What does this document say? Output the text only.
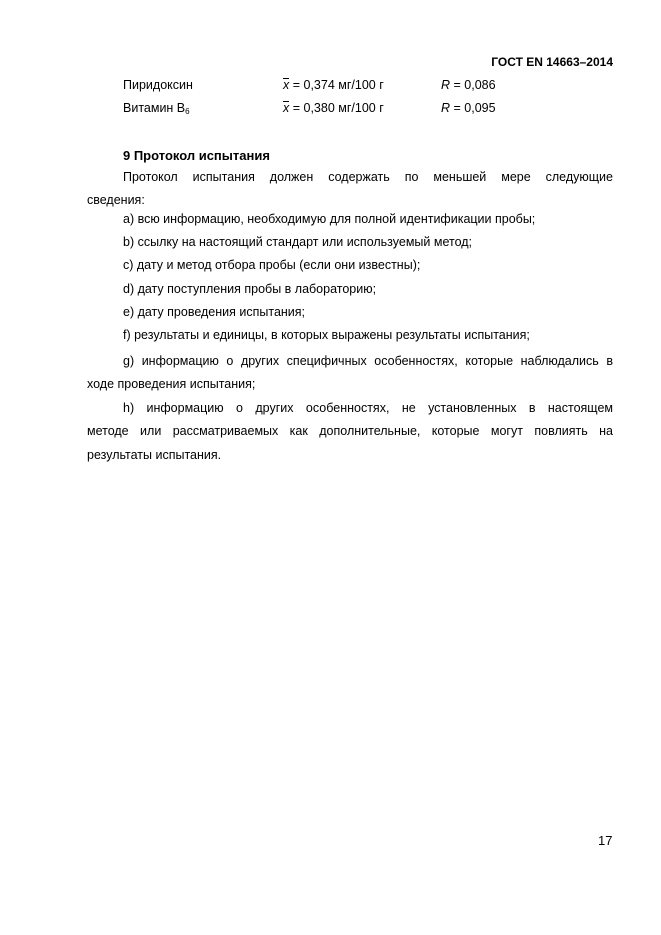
ГОСТ EN 14663–2014
Пиридоксин	x = 0,374 мг/100 г	R = 0,086
Витамин $В_6$	x = 0,380 мг/100 г	R = 0,095
9 Протокол испытания
Протокол испытания должен содержать по меньшей мере следующие
сведения:
a) всю информацию, необходимую для полной идентификации пробы;
b) ссылку на настоящий стандарт или используемый метод;
c) дату и метод отбора пробы (если они известны);
d) дату поступления пробы в лабораторию;
e) дату проведения испытания;
f) результаты и единицы, в которых выражены результаты испытания;
g) информацию о других специфичных особенностях, которые наблюдались в
ходе проведения испытания;
h) информацию о других особенностях, не установленных в настоящем
методе или рассматриваемых как дополнительные, которые могут повлиять на
результаты испытания.
17
